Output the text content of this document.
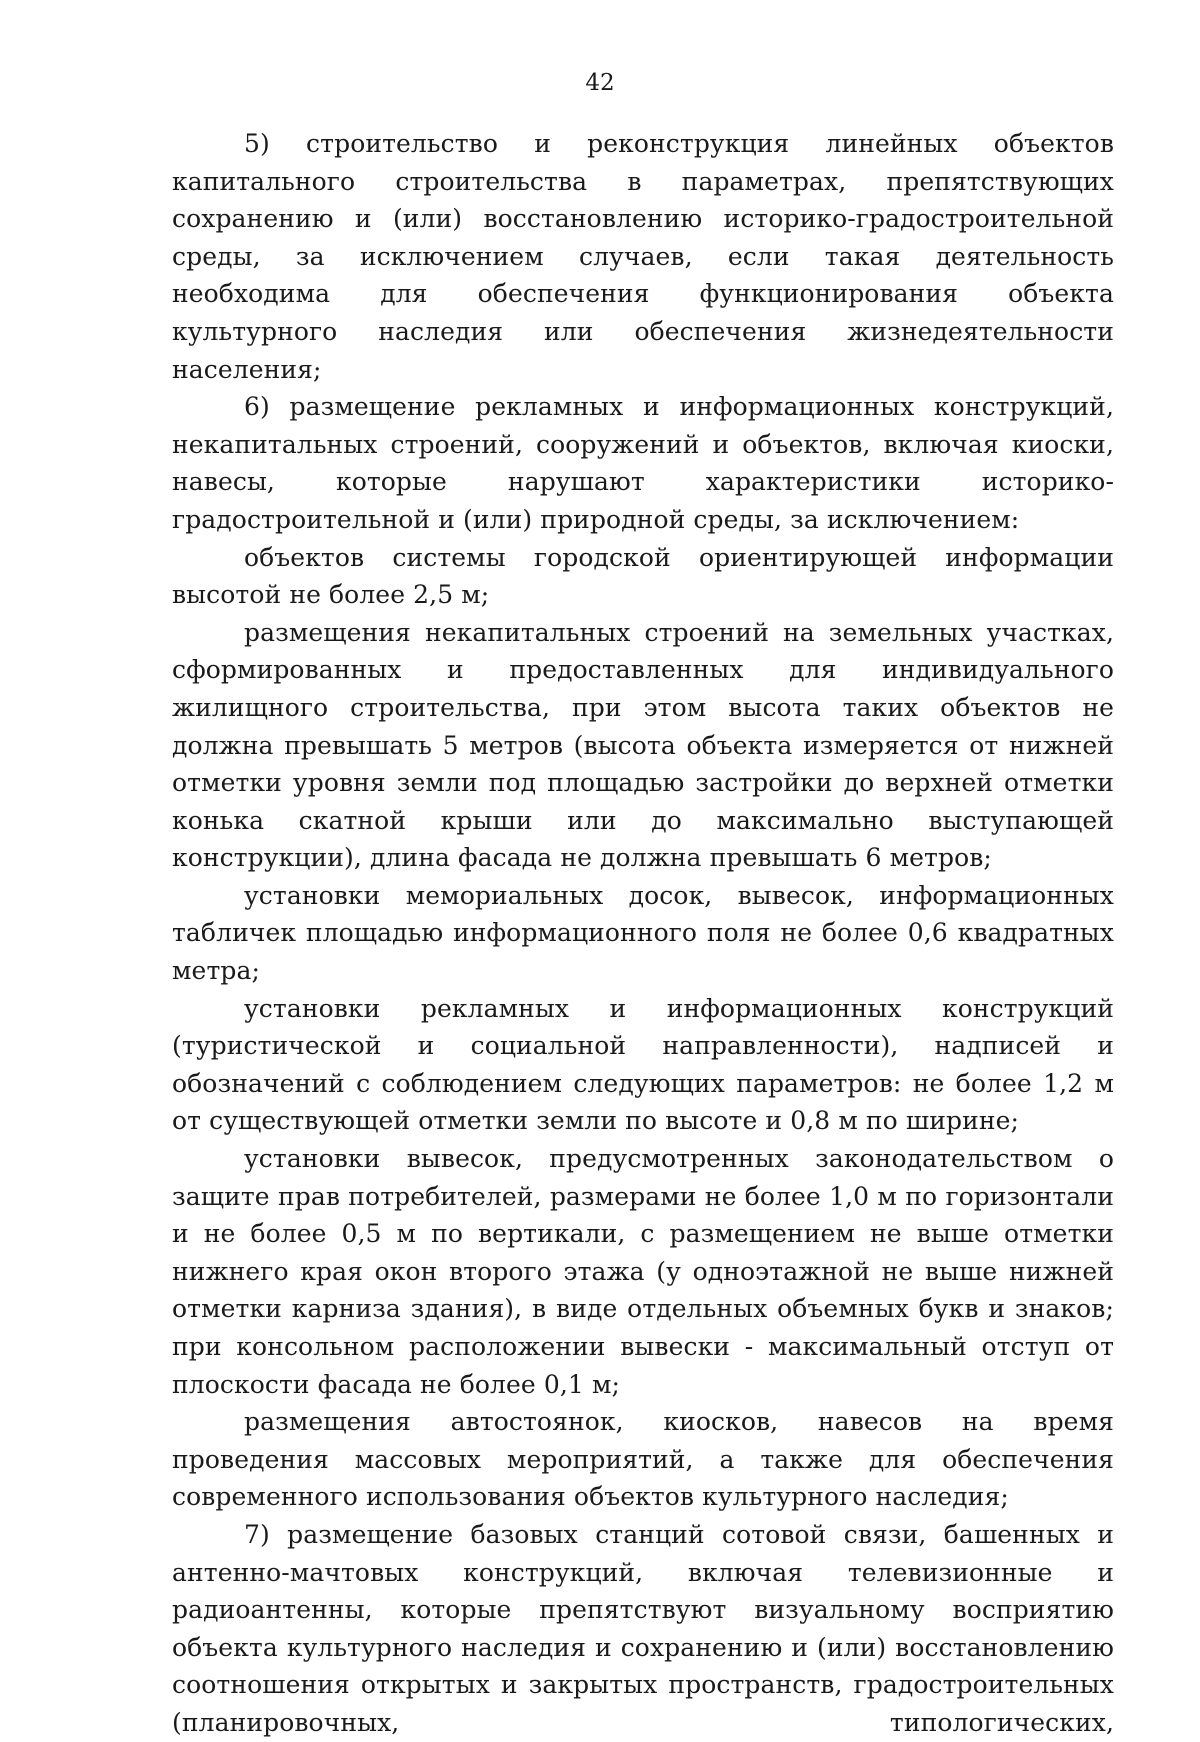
42

5) строительство и реконструкция линейных объектов капитального строительства в параметрах, препятствующих сохранению и (или) восстановлению историко-градостроительной среды, за исключением случаев, если такая деятельность необходима для обеспечения функционирования объекта культурного наследия или обеспечения жизнедеятельности населения;

6) размещение рекламных и информационных конструкций, некапитальных строений, сооружений и объектов, включая киоски, навесы, которые нарушают характеристики историко-градостроительной и (или) природной среды, за исключением:

объектов системы городской ориентирующей информации высотой не более 2,5 м;

размещения некапитальных строений на земельных участках, сформированных и предоставленных для индивидуального жилищного строительства, при этом высота таких объектов не должна превышать 5 метров (высота объекта измеряется от нижней отметки уровня земли под площадью застройки до верхней отметки конька скатной крыши или до максимально выступающей конструкции), длина фасада не должна превышать 6 метров;

установки мемориальных досок, вывесок, информационных табличек площадью информационного поля не более 0,6 квадратных метра;

установки рекламных и информационных конструкций (туристической и социальной направленности), надписей и обозначений с соблюдением следующих параметров: не более 1,2 м от существующей отметки земли по высоте и 0,8 м по ширине;

установки вывесок, предусмотренных законодательством о защите прав потребителей, размерами не более 1,0 м по горизонтали и не более 0,5 м по вертикали, с размещением не выше отметки нижнего края окон второго этажа (у одноэтажной не выше нижней отметки карниза здания), в виде отдельных объемных букв и знаков; при консольном расположении вывески - максимальный отступ от плоскости фасада не более 0,1 м;

размещения автостоянок, киосков, навесов на время проведения массовых мероприятий, а также для обеспечения современного использования объектов культурного наследия;

7) размещение базовых станций сотовой связи, башенных и антенно-мачтовых конструкций, включая телевизионные и радиоантенны, которые препятствуют визуальному восприятию объекта культурного наследия и сохранению и (или) восстановлению соотношения открытых и закрытых пространств, градостроительных (планировочных, типологических,
